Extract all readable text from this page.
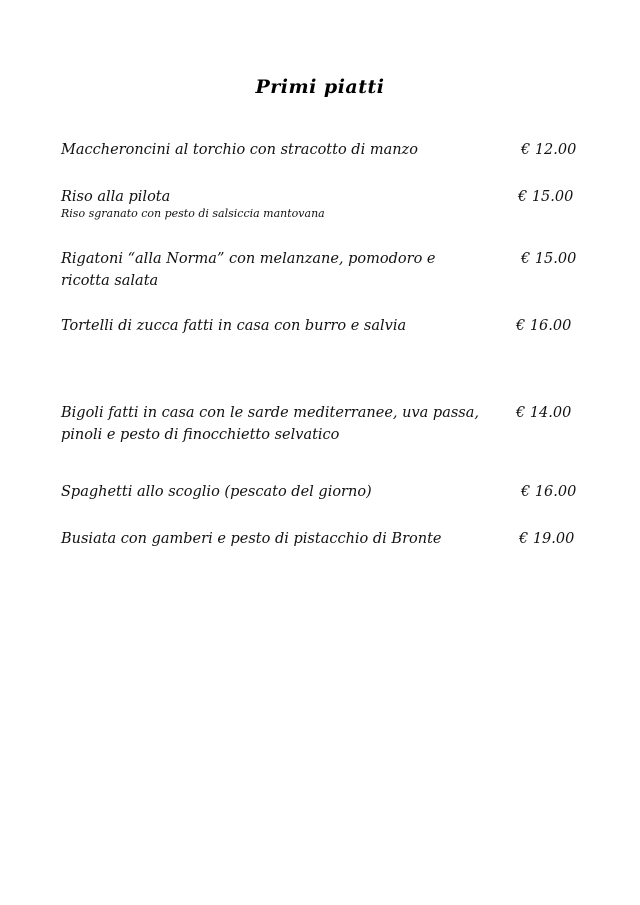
Primi piatti
Maccheroncini al torchio con stracotto di manzo	€ 12.00
Riso alla pilota
Riso sgranato con pesto di salsiccia mantovana
€ 15.00
Rigatoni “alla Norma” con melanzane, pomodoro e ricotta salata
€ 15.00
Tortelli di zucca fatti in casa con burro e salvia	€ 16.00
Bigoli fatti in casa con le sarde mediterranee, uva passa, pinoli e pesto di finocchietto selvatico
€ 14.00
Spaghetti allo scoglio (pescato del giorno)	€ 16.00
Busiata con gamberi e pesto di pistacchio di Bronte	€ 19.00
